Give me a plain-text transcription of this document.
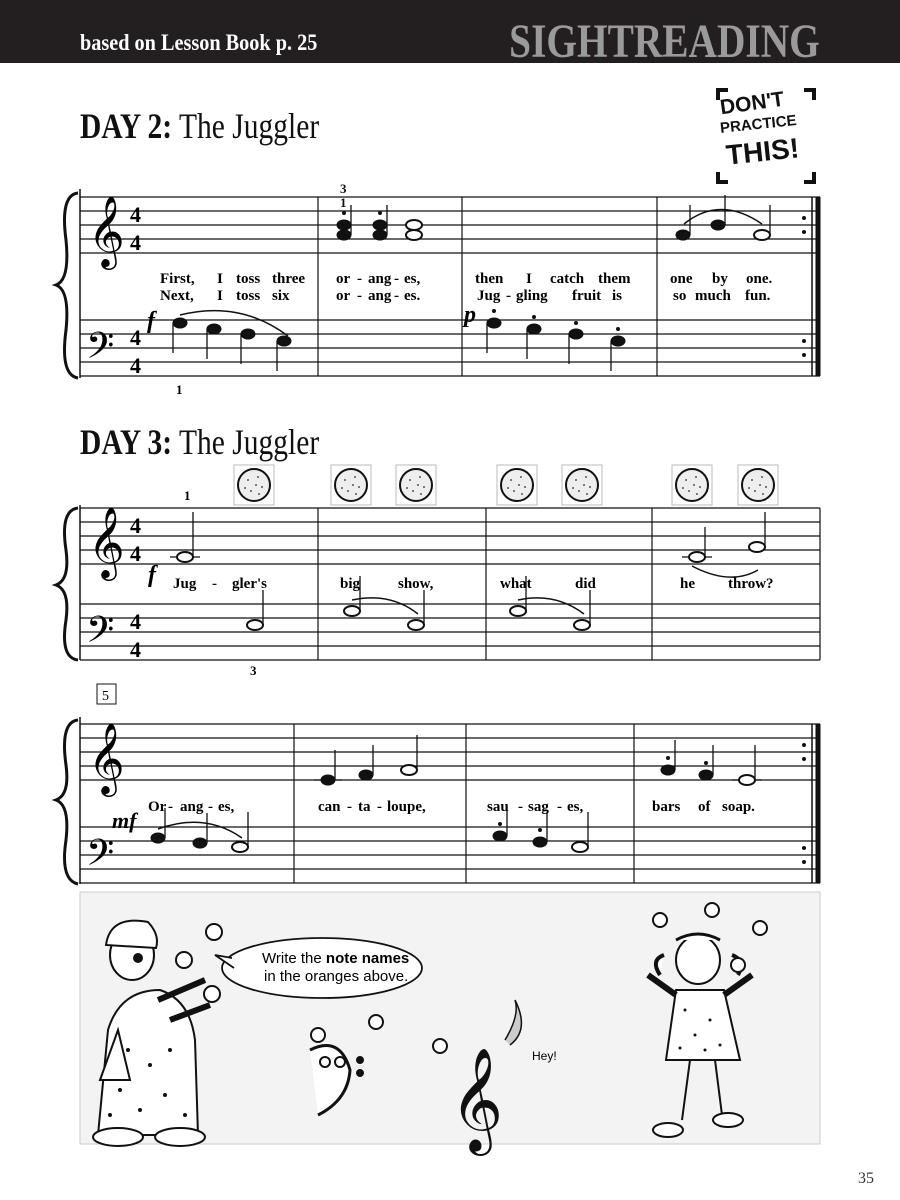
based on Lesson Book p. 25	SIGHTREADING
DAY 2: The Juggler
DAY 3: The Juggler
DON'T
PRACTICE
THIS!
𝄞
𝄢
4
4
4
4
3
1
First, I toss three or - ang - es,	then I catch them	one by one.
Next, I toss six	or - ang - es.	Jug - gling fruit is	so much fun.
f	p
1
𝄞
𝄢
4
4
4
4
1
f Jug - gler's	big	show,	what	did	he throw?
3
5
𝄞
𝄢
mf
Or - ang - es,	can - ta - loupe,	sau - sag - es,	bars of soap.
Write the note names
in the oranges above.
𝄞 Hey!
35
